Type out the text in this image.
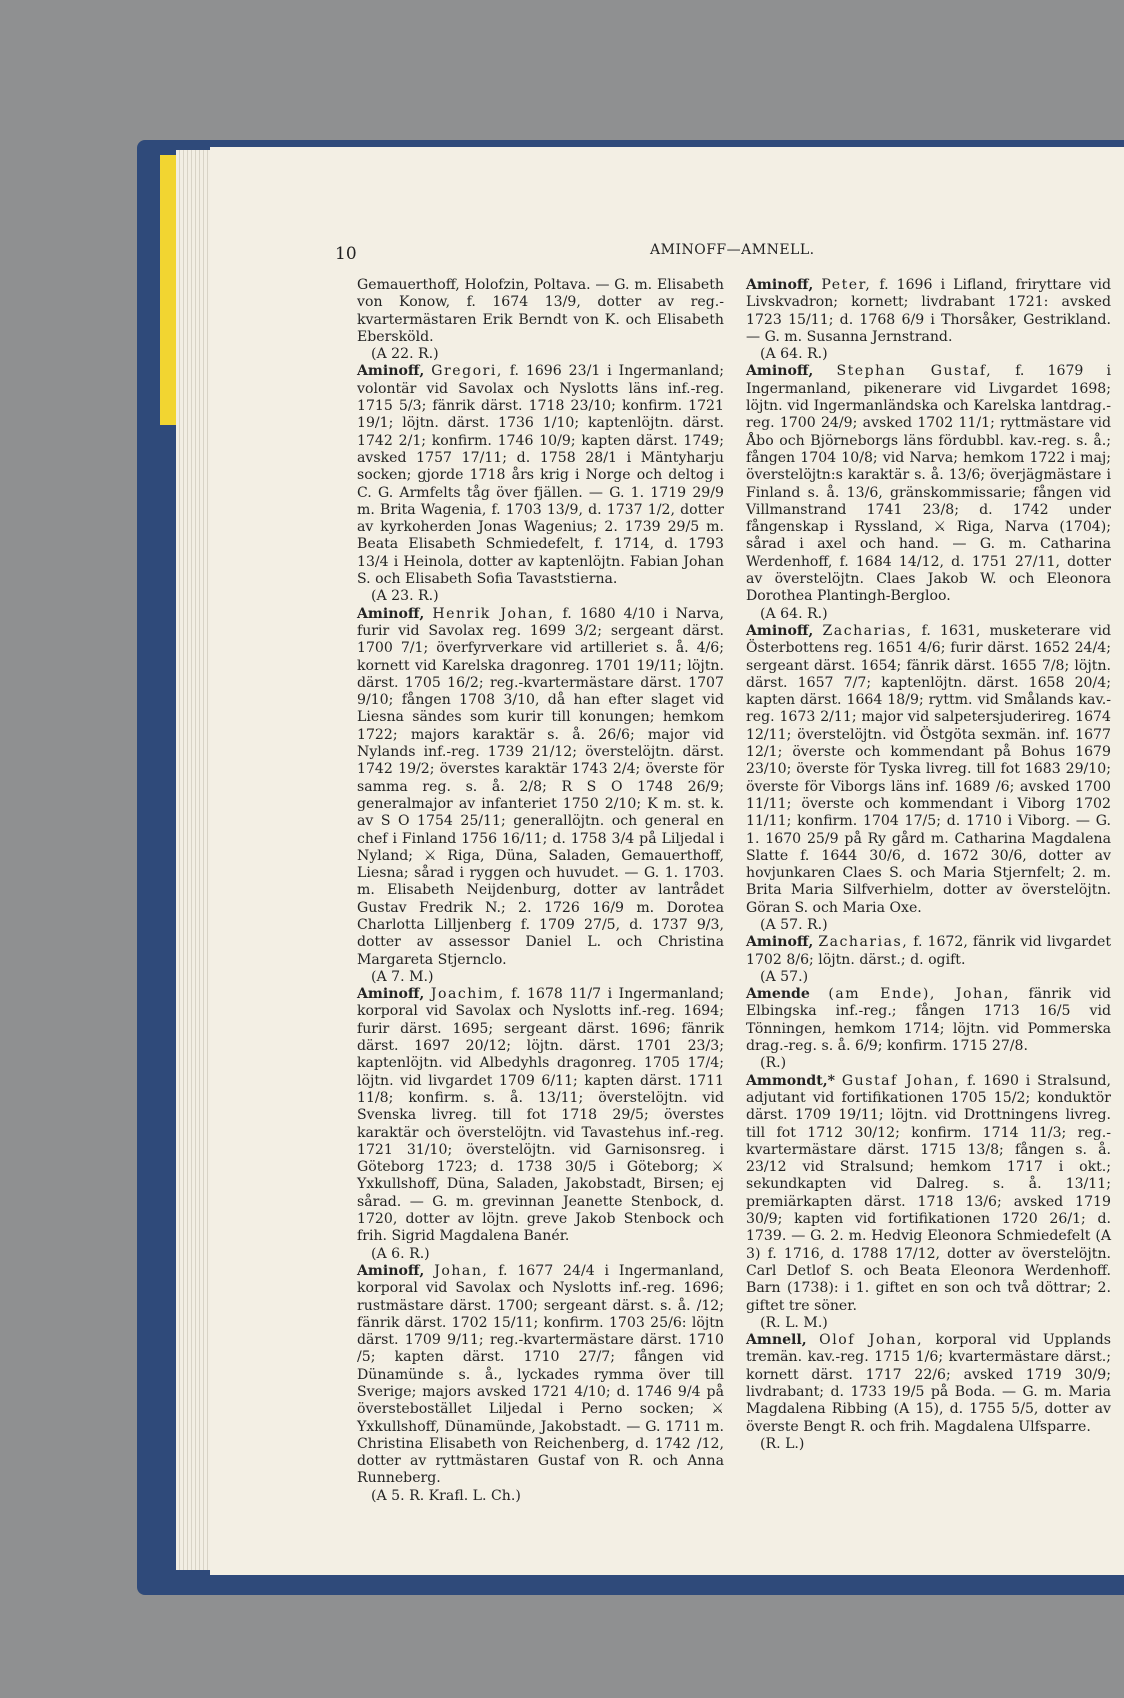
10	AMINOFF—AMNELL.

Gemauerthoff, Holofzin, Poltava. — G. m. Elisabeth von Konow, f. 1674 13/9, dotter av reg.-kvartermästaren Erik Berndt von K. och Elisabeth Ebersköld.

(A 22. R.)

Aminoff, Gregori, f. 1696 23/1 i Ingermanland; volontär vid Savolax och Nyslotts läns inf.-reg. 1715 5/3; fänrik därst. 1718 23/10; konfirm. 1721 19/1; löjtn. därst. 1736 1/10; kaptenlöjtn. därst. 1742 2/1; konfirm. 1746 10/9; kapten därst. 1749; avsked 1757 17/11; d. 1758 28/1 i Mäntyharju socken; gjorde 1718 års krig i Norge och deltog i C. G. Armfelts tåg över fjällen. — G. 1. 1719 29/9 m. Brita Wagenia, f. 1703 13/9, d. 1737 1/2, dotter av kyrkoherden Jonas Wagenius; 2. 1739 29/5 m. Beata Elisabeth Schmiedefelt, f. 1714, d. 1793 13/4 i Heinola, dotter av kaptenlöjtn. Fabian Johan S. och Elisabeth Sofia Tavaststierna.

(A 23. R.)

Aminoff, Henrik Johan, f. 1680 4/10 i Narva, furir vid Savolax reg. 1699 3/2; sergeant därst. 1700 7/1; överfyrverkare vid artilleriet s. å. 4/6; kornett vid Karelska dragonreg. 1701 19/11; löjtn. därst. 1705 16/2; reg.-kvartermästare därst. 1707 9/10; fången 1708 3/10, då han efter slaget vid Liesna sändes som kurir till konungen; hemkom 1722; majors karaktär s. å. 26/6; major vid Nylands inf.-reg. 1739 21/12; överstelöjtn. därst. 1742 19/2; överstes karaktär 1743 2/4; överste för samma reg. s. å. 2/8; R S O 1748 26/9; generalmajor av infanteriet 1750 2/10; K m. st. k. av S O 1754 25/11; generallöjtn. och general en chef i Finland 1756 16/11; d. 1758 3/4 på Liljedal i Nyland; ⚔ Riga, Düna, Saladen, Gemauerthoff, Liesna; sårad i ryggen och huvudet. — G. 1. 1703. m. Elisabeth Neijdenburg, dotter av lantrådet Gustav Fredrik N.; 2. 1726 16/9 m. Dorotea Charlotta Lilljenberg f. 1709 27/5, d. 1737 9/3, dotter av assessor Daniel L. och Christina Margareta Stjernclo.

(A 7. M.)

Aminoff, Joachim, f. 1678 11/7 i Ingermanland; korporal vid Savolax och Nyslotts inf.-reg. 1694; furir därst. 1695; sergeant därst. 1696; fänrik därst. 1697 20/12; löjtn. därst. 1701 23/3; kaptenlöjtn. vid Albedyhls dragonreg. 1705 17/4; löjtn. vid livgardet 1709 6/11; kapten därst. 1711 11/8; konfirm. s. å. 13/11; överstelöjtn. vid Svenska livreg. till fot 1718 29/5; överstes karaktär och överstelöjtn. vid Tavastehus inf.-reg. 1721 31/10; överstelöjtn. vid Garnisonsreg. i Göteborg 1723; d. 1738 30/5 i Göteborg; ⚔ Yxkullshoff, Düna, Saladen, Jakobstadt, Birsen; ej sårad. — G. m. grevinnan Jeanette Stenbock, d. 1720, dotter av löjtn. greve Jakob Stenbock och frih. Sigrid Magdalena Banér.

(A 6. R.)

Aminoff, Johan, f. 1677 24/4 i Ingermanland, korporal vid Savolax och Nyslotts inf.-reg. 1696; rustmästare därst. 1700; sergeant därst. s. å. /12; fänrik därst. 1702 15/11; konfirm. 1703 25/6: löjtn därst. 1709 9/11; reg.-kvartermästare därst. 1710 /5; kapten därst. 1710 27/7; fången vid Dünamünde s. å., lyckades rymma över till Sverige; majors avsked 1721 4/10; d. 1746 9/4 på överstebostället Liljedal i Perno socken; ⚔ Yxkullshoff, Dünamünde, Jakobstadt. — G. 1711 m. Christina Elisabeth von Reichenberg, d. 1742 /12, dotter av ryttmästaren Gustaf von R. och Anna Runneberg.

(A 5. R. Krafl. L. Ch.)

Aminoff, Peter, f. 1696 i Lifland, friryttare vid Livskvadron; kornett; livdrabant 1721: avsked 1723 15/11; d. 1768 6/9 i Thorsåker, Gestrikland. — G. m. Susanna Jernstrand.

(A 64. R.)

Aminoff, Stephan Gustaf, f. 1679 i Ingermanland, pikenerare vid Livgardet 1698; löjtn. vid Ingermanländska och Karelska lantdrag.-reg. 1700 24/9; avsked 1702 11/1; ryttmästare vid Åbo och Björneborgs läns fördubbl. kav.-reg. s. å.; fången 1704 10/8; vid Narva; hemkom 1722 i maj; överstelöjtn:s karaktär s. å. 13/6; överjägmästare i Finland s. å. 13/6, gränskommissarie; fången vid Villmanstrand 1741 23/8; d. 1742 under fångenskap i Ryssland, ⚔ Riga, Narva (1704); sårad i axel och hand. — G. m. Catharina Werdenhoff, f. 1684 14/12, d. 1751 27/11, dotter av överstelöjtn. Claes Jakob W. och Eleonora Dorothea Plantingh-Bergloo.

(A 64. R.)

Aminoff, Zacharias, f. 1631, musketerare vid Österbottens reg. 1651 4/6; furir därst. 1652 24/4; sergeant därst. 1654; fänrik därst. 1655 7/8; löjtn. därst. 1657 7/7; kaptenlöjtn. därst. 1658 20/4; kapten därst. 1664 18/9; ryttm. vid Smålands kav.-reg. 1673 2/11; major vid salpetersjuderireg. 1674 12/11; överstelöjtn. vid Östgöta sexmän. inf. 1677 12/1; överste och kommendant på Bohus 1679 23/10; överste för Tyska livreg. till fot 1683 29/10; överste för Viborgs läns inf. 1689 /6; avsked 1700 11/11; överste och kommendant i Viborg 1702 11/11; konfirm. 1704 17/5; d. 1710 i Viborg. — G. 1. 1670 25/9 på Ry gård m. Catharina Magdalena Slatte f. 1644 30/6, d. 1672 30/6, dotter av hovjunkaren Claes S. och Maria Stjernfelt; 2. m. Brita Maria Silfverhielm, dotter av överstelöjtn. Göran S. och Maria Oxe.

(A 57. R.)

Aminoff, Zacharias, f. 1672, fänrik vid livgardet 1702 8/6; löjtn. därst.; d. ogift.

(A 57.)

Amende (am Ende), Johan, fänrik vid Elbingska inf.-reg.; fången 1713 16/5 vid Tönningen, hemkom 1714; löjtn. vid Pommerska drag.-reg. s. å. 6/9; konfirm. 1715 27/8.

(R.)

Ammondt,* Gustaf Johan, f. 1690 i Stralsund, adjutant vid fortifikationen 1705 15/2; konduktör därst. 1709 19/11; löjtn. vid Drottningens livreg. till fot 1712 30/12; konfirm. 1714 11/3; reg.-kvartermästare därst. 1715 13/8; fången s. å. 23/12 vid Stralsund; hemkom 1717 i okt.; sekundkapten vid Dalreg. s. å. 13/11; premiärkapten därst. 1718 13/6; avsked 1719 30/9; kapten vid fortifikationen 1720 26/1; d. 1739. — G. 2. m. Hedvig Eleonora Schmiedefelt (A 3) f. 1716, d. 1788 17/12, dotter av överstelöjtn. Carl Detlof S. och Beata Eleonora Werdenhoff. Barn (1738): i 1. giftet en son och två döttrar; 2. giftet tre söner.

(R. L. M.)

Amnell, Olof Johan, korporal vid Upplands tremän. kav.-reg. 1715 1/6; kvartermästare därst.; kornett därst. 1717 22/6; avsked 1719 30/9; livdrabant; d. 1733 19/5 på Boda. — G. m. Maria Magdalena Ribbing (A 15), d. 1755 5/5, dotter av överste Bengt R. och frih. Magdalena Ulfsparre.

(R. L.)
